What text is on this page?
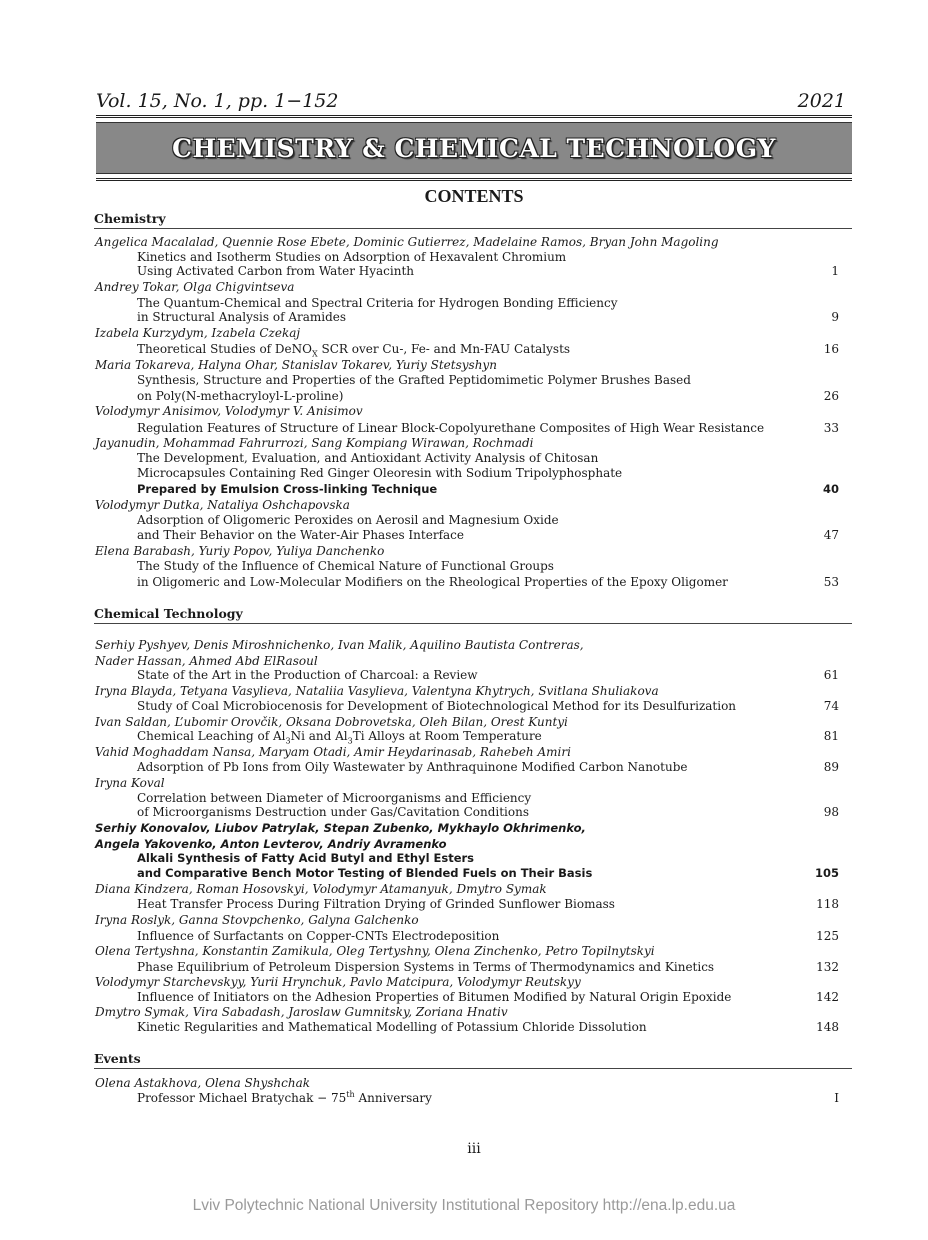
Vol. 15, No. 1, pp. 1−152	2021
CHEMISTRY & CHEMICAL TECHNOLOGY
CONTENTS
Chemistry
Angelica Macalalad, Quennie Rose Ebete, Dominic Gutierrez, Madelaine Ramos, Bryan John Magoling
Kinetics and Isotherm Studies on Adsorption of Hexavalent Chromium
Using Activated Carbon from Water Hyacinth	1
Andrey Tokar, Olga Chigvintseva
The Quantum-Chemical and Spectral Criteria for Hydrogen Bonding Efficiency
in Structural Analysis of Aramides	9
Izabela Kurzydym, Izabela Czekaj
Theoretical Studies of DeNO$_X$ SCR over Cu-, Fe- and Mn-FAU Catalysts	16
Maria Tokareva, Halyna Ohar, Stanislav Tokarev, Yuriy Stetsyshyn
Synthesis, Structure and Properties of the Grafted Peptidomimetic Polymer Brushes Based
on Poly(N-methacryloyl-L-proline)	26
Volodymyr Anisimov, Volodymyr V. Anisimov
Regulation Features of Structure of Linear Block-Copolyurethane Composites of High Wear Resistance	33
Jayanudin, Mohammad Fahrurrozi, Sang Kompiang Wirawan, Rochmadi
The Development, Evaluation, and Antioxidant Activity Analysis of Chitosan
Microcapsules Containing Red Ginger Oleoresin with Sodium Tripolyphosphate
Prepared by Emulsion Cross-linking Technique	40
Volodymyr Dutka, Nataliya Oshchapovska
Adsorption of Oligomeric Peroxides on Aerosil and Magnesium Oxide
and Their Behavior on the Water-Air Phases Interface	47
Elena Barabash, Yuriy Popov, Yuliya Danchenko
The Study of the Influence of Chemical Nature of Functional Groups
in Oligomeric and Low-Molecular Modifiers on the Rheological Properties of the Epoxy Oligomer	53
Chemical Technology
Serhiy Pyshyev, Denis Miroshnichenko, Ivan Malik, Aquilino Bautista Contreras,
Nader Hassan, Ahmed Abd ElRasoul
State of the Art in the Production of Charcoal: a Review	61
Iryna Blayda, Tetyana Vasylieva, Nataliia Vasylieva, Valentyna Khytrych, Svitlana Shuliakova
Study of Coal Microbiocenosis for Development of Biotechnological Method for its Desulfurization	74
Ivan Saldan, L’ubomir Orovčik, Oksana Dobrovetska, Oleh Bilan, Orest Kuntyi
Chemical Leaching of $Al_3Ni$ and $Al_3Ti$ Alloys at Room Temperature	81
Vahid Moghaddam Nansa, Maryam Otadi, Amir Heydarinasab, Rahebeh Amiri
Adsorption of Pb Ions from Oily Wastewater by Anthraquinone Modified Carbon Nanotube	89
Iryna Koval
Correlation between Diameter of Microorganisms and Efficiency
of Microorganisms Destruction under Gas/Cavitation Conditions	98
Serhiy Konovalov, Liubov Patrylak, Stepan Zubenko, Mykhaylo Okhrimenko,
Angela Yakovenko, Anton Levterov, Andriy Avramenko
Alkali Synthesis of Fatty Acid Butyl and Ethyl Esters
and Comparative Bench Motor Testing of Blended Fuels on Their Basis	105
Diana Kindzera, Roman Hosovskyi, Volodymyr Atamanyuk, Dmytro Symak
Heat Transfer Process During Filtration Drying of Grinded Sunflower Biomass	118
Iryna Roslyk, Ganna Stovpchenko, Galyna Galchenko
Influence of Surfactants on Copper-CNTs Electrodeposition	125
Olena Tertyshna, Konstantin Zamikula, Oleg Tertyshny, Olena Zinchenko, Petro Topilnytskyi
Phase Equilibrium of Petroleum Dispersion Systems in Terms of Thermodynamics and Kinetics	132
Volodymyr Starchevskyy, Yurii Hrynchuk, Pavlo Matcipura, Volodymyr Reutskyy
Influence of Initiators on the Adhesion Properties of Bitumen Modified by Natural Origin Epoxide	142
Dmytro Symak, Vira Sabadash, Jaroslaw Gumnitsky, Zoriana Hnativ
Kinetic Regularities and Mathematical Modelling of Potassium Chloride Dissolution	148
Events
Olena Astakhova, Olena Shyshchak
Professor Michael Bratychak − 75th Anniversary	I
iii
Lviv Polytechnic National University Institutional Repository http://ena.lp.edu.ua
